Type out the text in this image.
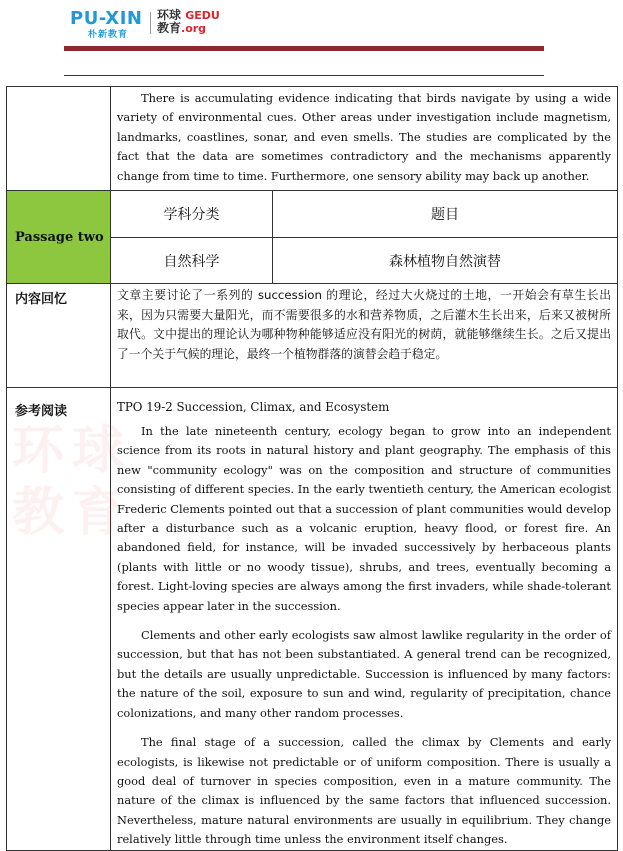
PU-XIN
朴新教育
环球 GEDU
教育.org

	There is accumulating evidence indicating that birds navigate by using a wide variety of environmental cues. Other areas under investigation include magnetism, landmarks, coastlines, sonar, and even smells. The studies are complicated by the fact that the data are sometimes contradictory and the mechanisms apparently change from time to time. Furthermore, one sensory ability may back up another.	

Passage two	学科分类	题目
	自然科学	森林植物自然演替

内容回忆	文章主要讨论了一系列的 succession 的理论，经过大火烧过的土地，一开始会有草生长出来，因为只需要大量阳光，而不需要很多的水和营养物质，之后灌木生长出来，后来又被树所取代。文中提出的理论认为哪种物种能够适应没有阳光的树荫，就能够继续生长。之后又提出了一个关于气候的理论，最终一个植物群落的演替会趋于稳定。	

参考阅读	TPO 19-2 Succession, Climax, and Ecosystem

In the late nineteenth century, ecology began to grow into an independent science from its roots in natural history and plant geography. The emphasis of this new "community ecology" was on the composition and structure of communities consisting of different species. In the early twentieth century, the American ecologist Frederic Clements pointed out that a succession of plant communities would develop after a disturbance such as a volcanic eruption, heavy flood, or forest fire. An abandoned field, for instance, will be invaded successively by herbaceous plants (plants with little or no woody tissue), shrubs, and trees, eventually becoming a forest. Light-loving species are always among the first invaders, while shade-tolerant species appear later in the succession.

Clements and other early ecologists saw almost lawlike regularity in the order of succession, but that has not been substantiated. A general trend can be recognized, but the details are usually unpredictable. Succession is influenced by many factors: the nature of the soil, exposure to sun and wind, regularity of precipitation, chance colonizations, and many other random processes.

The final stage of a succession, called the climax by Clements and early ecologists, is likewise not predictable or of uniform composition. There is usually a good deal of turnover in species composition, even in a mature community. The nature of the climax is influenced by the same factors that influenced succession. Nevertheless, mature natural environments are usually in equilibrium. They change relatively little through time unless the environment itself changes.	

环球
教育
